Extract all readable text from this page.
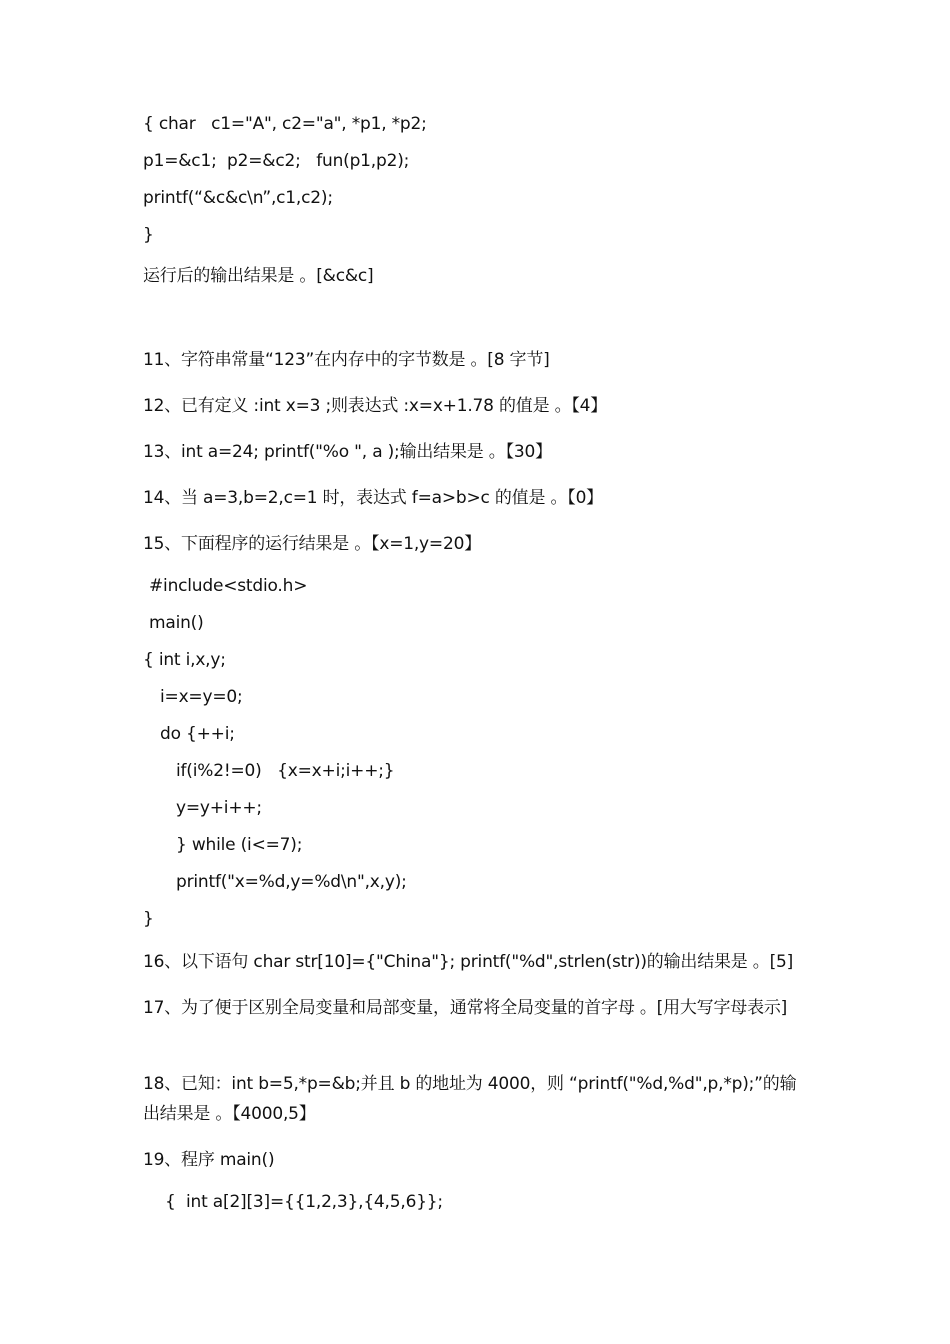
{ char   c1="A", c2="a", *p1, *p2;

p1=&c1;  p2=&c2;   fun(p1,p2);

printf(“&c&c\n”,c1,c2);

}

运行后的输出结果是 。[&c&c]

11、字符串常量“123”在内存中的字节数是 。[8 字节]

12、已有定义 :int x=3 ;则表达式 :x=x+1.78 的值是 。【4】

13、int a=24; printf("%o ", a );输出结果是 。【30】

14、当 a=3,b=2,c=1 时，表达式 f=a>b>c 的值是 。【0】

15、下面程序的运行结果是 。【x=1,y=20】

#include<stdio.h>

main()

{ int i,x,y;

i=x=y=0;

do {++i;

if(i%2!=0)   {x=x+i;i++;}

y=y+i++;

} while (i<=7);

printf("x=%d,y=%d\n",x,y);

}

16、以下语句 char str[10]={"China"}; printf("%d",strlen(str))的输出结果是 。[5]

17、为了便于区别全局变量和局部变量，通常将全局变量的首字母 。[用大写字母表示]

18、已知：int b=5,*p=&b;并且 b 的地址为 4000，则 “printf("%d,%d",p,*p);”的输出结果是 。【4000,5】

19、程序 main()

{  int a[2][3]={{1,2,3},{4,5,6}};
